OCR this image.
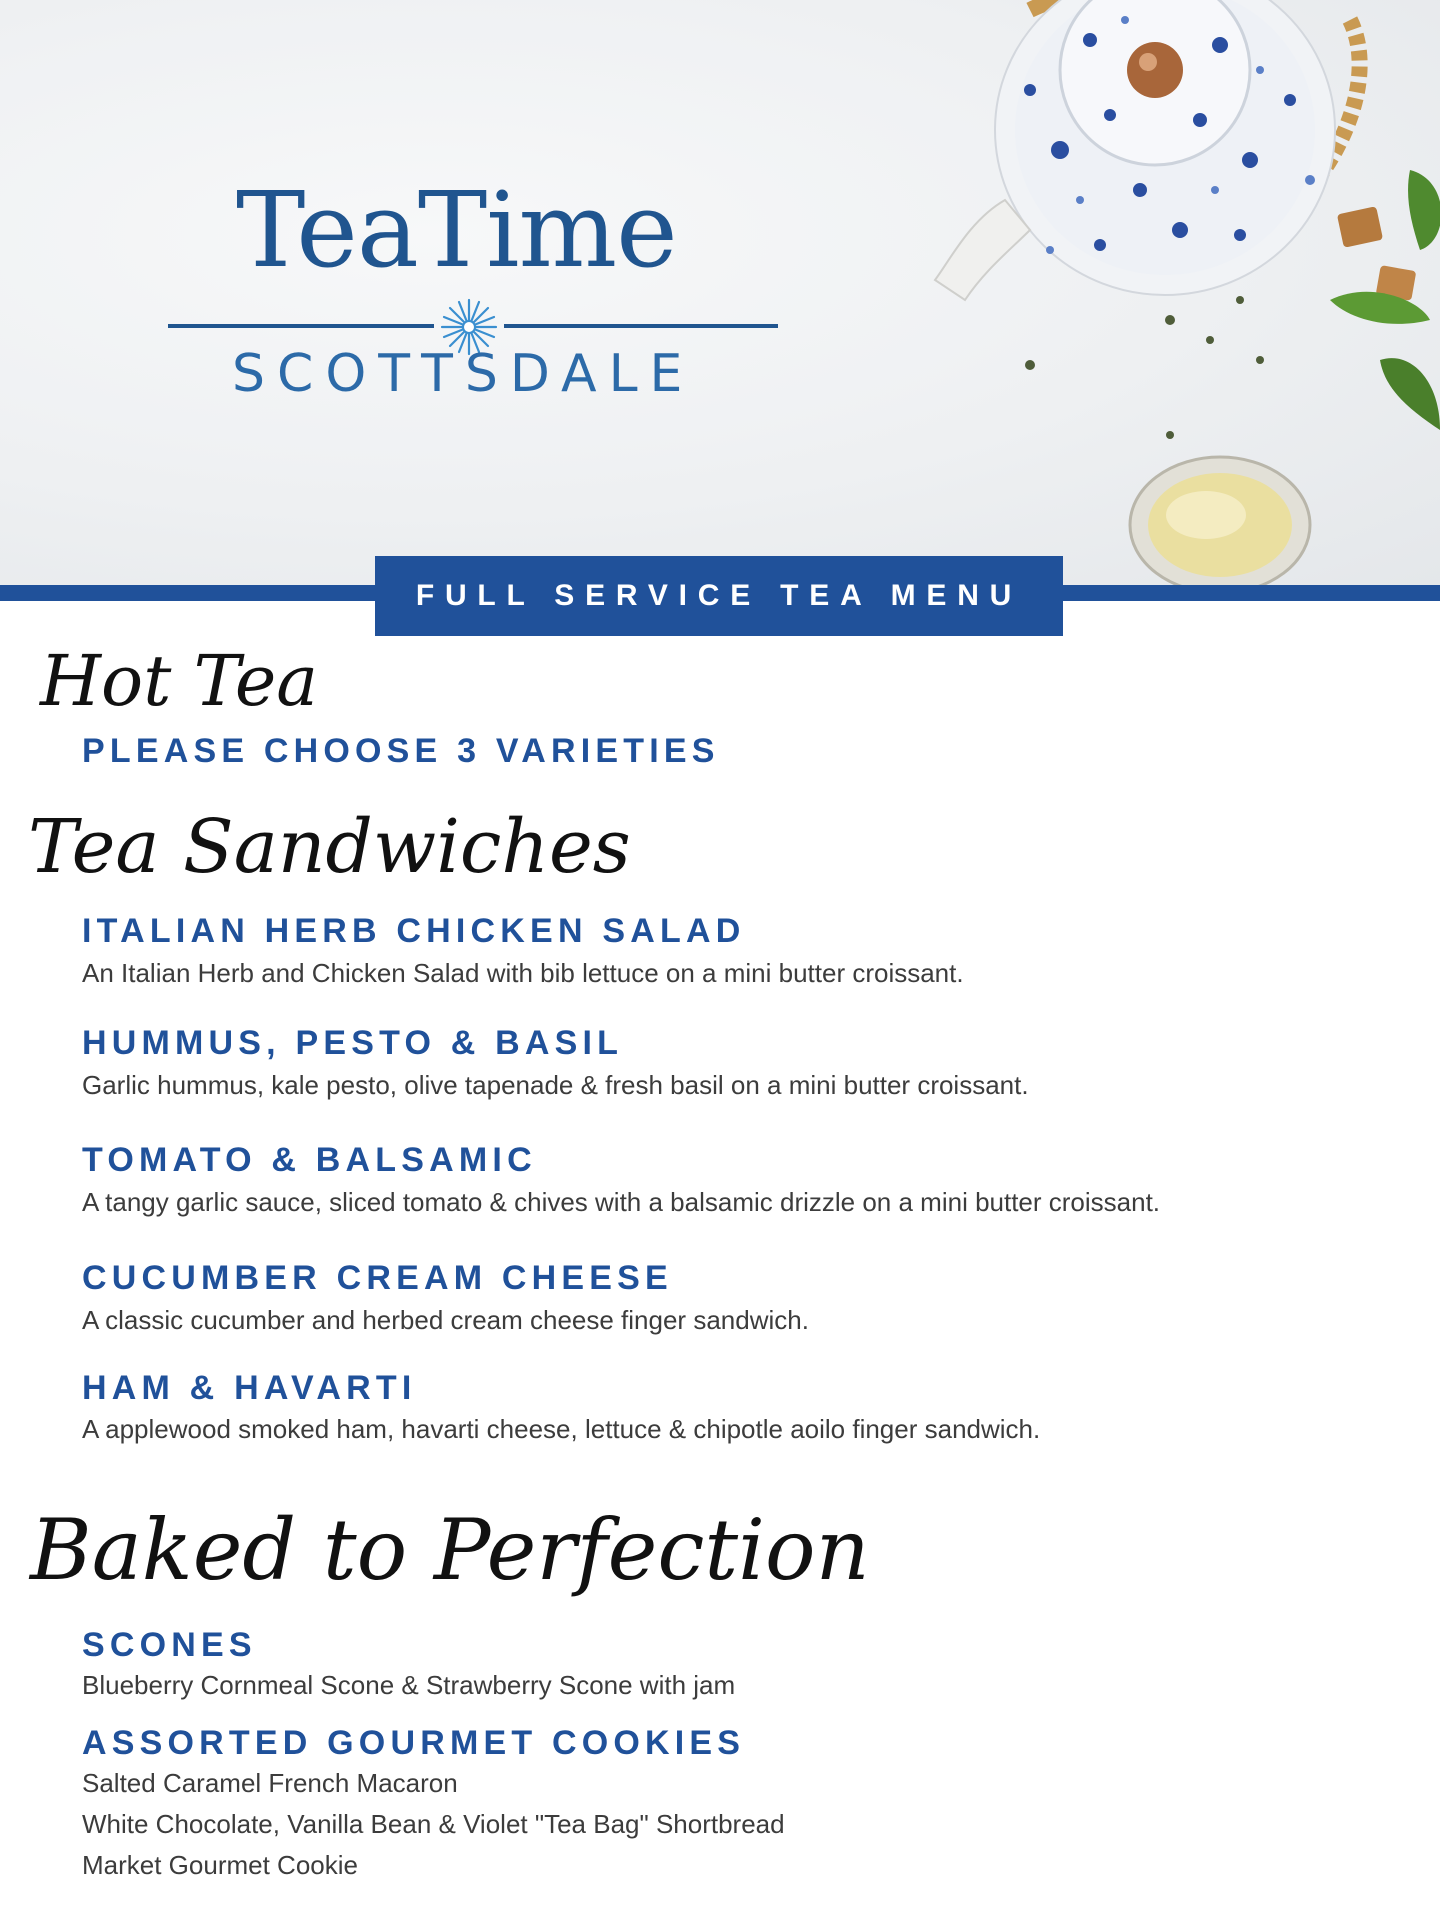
TeaTime
SCOTTSDALE
FULL SERVICE TEA MENU
Hot Tea
PLEASE CHOOSE 3 VARIETIES
Tea Sandwiches
ITALIAN HERB CHICKEN SALAD
An Italian Herb and Chicken Salad with bib lettuce on a mini butter croissant.
HUMMUS, PESTO & BASIL
Garlic hummus, kale pesto, olive tapenade & fresh basil on a mini butter croissant.
TOMATO & BALSAMIC
A tangy garlic sauce, sliced tomato & chives with a balsamic drizzle on a mini butter croissant.
CUCUMBER CREAM CHEESE
A classic cucumber and herbed cream cheese finger sandwich.
HAM & HAVARTI
A applewood smoked ham, havarti cheese, lettuce & chipotle aoilo finger sandwich.
Baked to Perfection
SCONES
Blueberry Cornmeal Scone & Strawberry Scone with jam
ASSORTED GOURMET COOKIES
Salted Caramel French Macaron
White Chocolate, Vanilla Bean & Violet "Tea Bag" Shortbread
Market Gourmet Cookie
